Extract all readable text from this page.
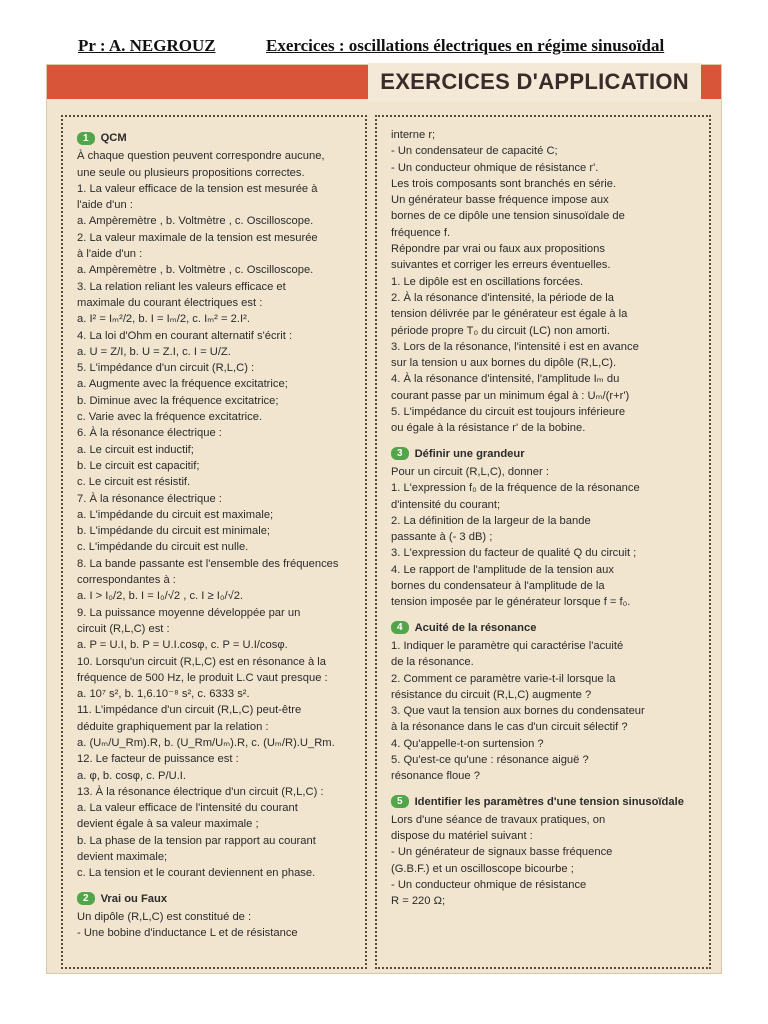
Pr : A. NEGROUZ	Exercices : oscillations électriques en régime sinusoïdal
EXERCICES D'APPLICATION
1	QCM
À chaque question peuvent correspondre aucune,
une seule ou plusieurs propositions correctes.
1. La valeur efficace de la tension est mesurée à
l'aide d'un :
a. Ampèremètre , b. Voltmètre , c. Oscilloscope.
2. La valeur maximale de la tension est mesurée
à l'aide d'un :
a. Ampèremètre , b. Voltmètre , c. Oscilloscope.
3. La relation reliant les valeurs efficace et
maximale du courant électriques est :
a. I² = Iₘ²/2, b. I = Iₘ/2, c. Iₘ² = 2.I².
4. La loi d'Ohm en courant alternatif s'écrit :
a. U = Z/I, b. U = Z.I, c. I = U/Z.
5. L'impédance d'un circuit (R,L,C) :
a. Augmente avec la fréquence excitatrice;
b. Diminue avec la fréquence excitatrice;
c. Varie avec la fréquence excitatrice.
6. À la résonance électrique :
a. Le circuit est inductif;
b. Le circuit est capacitif;
c. Le circuit est résistif.
7. À la résonance électrique :
a. L'impédande du circuit est maximale;
b. L'impédande du circuit est minimale;
c. L'impédande du circuit est nulle.
8. La bande passante est l'ensemble des fréquences
correspondantes à :
a. I > I₀/2, b. I = I₀/√2 , c. I ≥ I₀/√2.
9. La puissance moyenne développée par un
circuit (R,L,C) est :
a. P = U.I, b. P = U.I.cosφ, c. P = U.I/cosφ.
10. Lorsqu'un circuit (R,L,C) est en résonance à la
fréquence de 500 Hz, le produit L.C vaut presque :
a. 10⁷ s², b. 1,6.10⁻⁸ s², c. 6333 s².
11. L'impédance d'un circuit (R,L,C) peut-être
déduite graphiquement par la relation :
a. (Uₘ/U_Rm).R, b. (U_Rm/Uₘ).R, c. (Uₘ/R).U_Rm.
12. Le facteur de puissance est :
a. φ, b. cosφ, c. P/U.I.
13. À la résonance électrique d'un circuit (R,L,C) :
a. La valeur efficace de l'intensité du courant
devient égale à sa valeur maximale ;
b. La phase de la tension par rapport au courant
devient maximale;
c. La tension et le courant deviennent en phase.
2	Vrai ou Faux
Un dipôle (R,L,C) est constitué de :
- Une bobine d'inductance L et de résistance
interne r;
- Un condensateur de capacité C;
- Un conducteur ohmique de résistance r'.
Les trois composants sont branchés en série.
Un générateur basse fréquence impose aux
bornes de ce dipôle une tension sinusoïdale de
fréquence f.
Répondre par vrai ou faux aux propositions
suivantes et corriger les erreurs éventuelles.
1. Le dipôle est en oscillations forcées.
2. À la résonance d'intensité, la période de la
tension délivrée par le générateur est égale à la
période propre T₀ du circuit (LC) non amorti.
3. Lors de la résonance, l'intensité i est en avance
sur la tension u aux bornes du dipôle (R,L,C).
4. À la résonance d'intensité, l'amplitude Iₘ du
courant passe par un minimum égal à : Uₘ/(r+r')
5. L'impédance du circuit est toujours inférieure
ou égale à la résistance r' de la bobine.
3	Définir une grandeur
Pour un circuit (R,L,C), donner :
1. L'expression f₀ de la fréquence de la résonance
d'intensité du courant;
2. La définition de la largeur de la bande
passante à (- 3 dB) ;
3. L'expression du facteur de qualité Q du circuit ;
4. Le rapport de l'amplitude de la tension aux
bornes du condensateur à l'amplitude de la
tension imposée par le générateur lorsque f = f₀.
4	Acuité de la résonance
1. Indiquer le paramètre qui caractérise l'acuité
de la résonance.
2. Comment ce paramètre varie-t-il lorsque la
résistance du circuit (R,L,C) augmente ?
3. Que vaut la tension aux bornes du condensateur
à la résonance dans le cas d'un circuit sélectif ?
4. Qu'appelle-t-on surtension ?
5. Qu'est-ce qu'une : résonance aiguë ?
résonance floue ?
5	Identifier les paramètres d'une tension sinusoïdale
Lors d'une séance de travaux pratiques, on
dispose du matériel suivant :
- Un générateur de signaux basse fréquence
(G.B.F.) et un oscilloscope bicourbe ;
- Un conducteur ohmique de résistance
R = 220 Ω;
